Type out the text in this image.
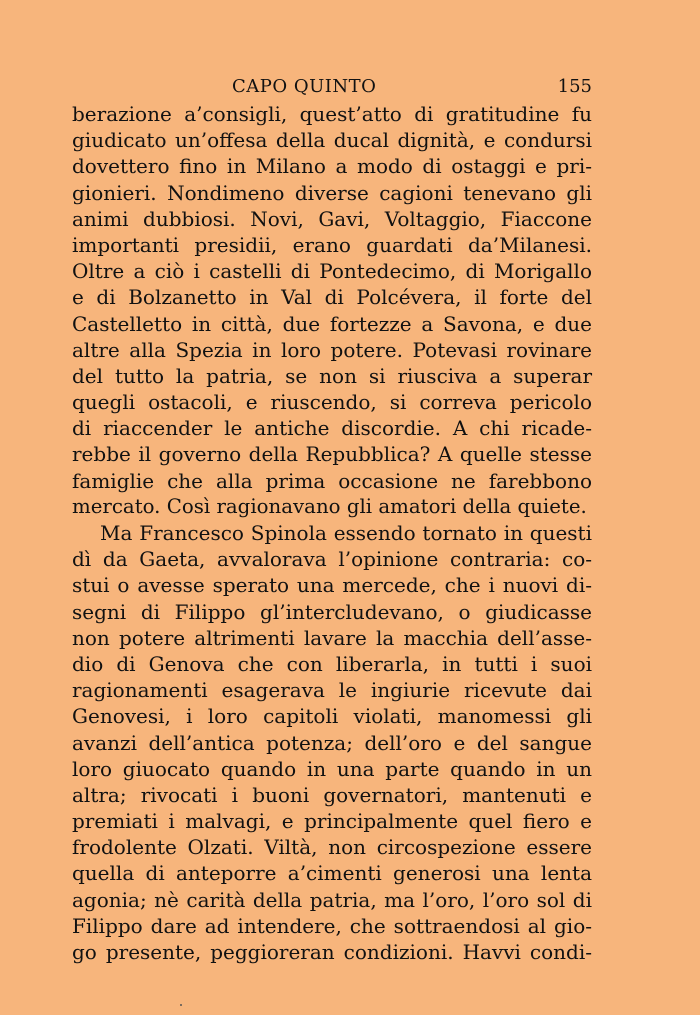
CAPO QUINTO	155
berazione a’consigli, quest’atto di gratitudine fu
giudicato un’offesa della ducal dignità, e condursi
dovettero fino in Milano a modo di ostaggi e pri-
gionieri. Nondimeno diverse cagioni tenevano gli
animi dubbiosi. Novi, Gavi, Voltaggio, Fiaccone
importanti presidii, erano guardati da’Milanesi.
Oltre a ciò i castelli di Pontedecimo, di Morigallo
e di Bolzanetto in Val di Polcévera, il forte del
Castelletto in città, due fortezze a Savona, e due
altre alla Spezia in loro potere. Potevasi rovinare
del tutto la patria, se non si riusciva a superar
quegli ostacoli, e riuscendo, si correva pericolo
di riaccender le antiche discordie. A chi ricade-
rebbe il governo della Repubblica? A quelle stesse
famiglie che alla prima occasione ne farebbono
mercato. Così ragionavano gli amatori della quiete.
Ma Francesco Spinola essendo tornato in questi
dì da Gaeta, avvalorava l’opinione contraria: co-
stui o avesse sperato una mercede, che i nuovi di-
segni di Filippo gl’intercludevano, o giudicasse
non potere altrimenti lavare la macchia dell’asse-
dio di Genova che con liberarla, in tutti i suoi
ragionamenti esagerava le ingiurie ricevute dai
Genovesi, i loro capitoli violati, manomessi gli
avanzi dell’antica potenza; dell’oro e del sangue
loro giuocato quando in una parte quando in un
altra; rivocati i buoni governatori, mantenuti e
premiati i malvagi, e principalmente quel fiero e
frodolente Olzati. Viltà, non circospezione essere
quella di anteporre a’cimenti generosi una lenta
agonia; nè carità della patria, ma l’oro, l’oro sol di
Filippo dare ad intendere, che sottraendosi al gio-
go presente, peggioreran condizioni. Havvi condi-
